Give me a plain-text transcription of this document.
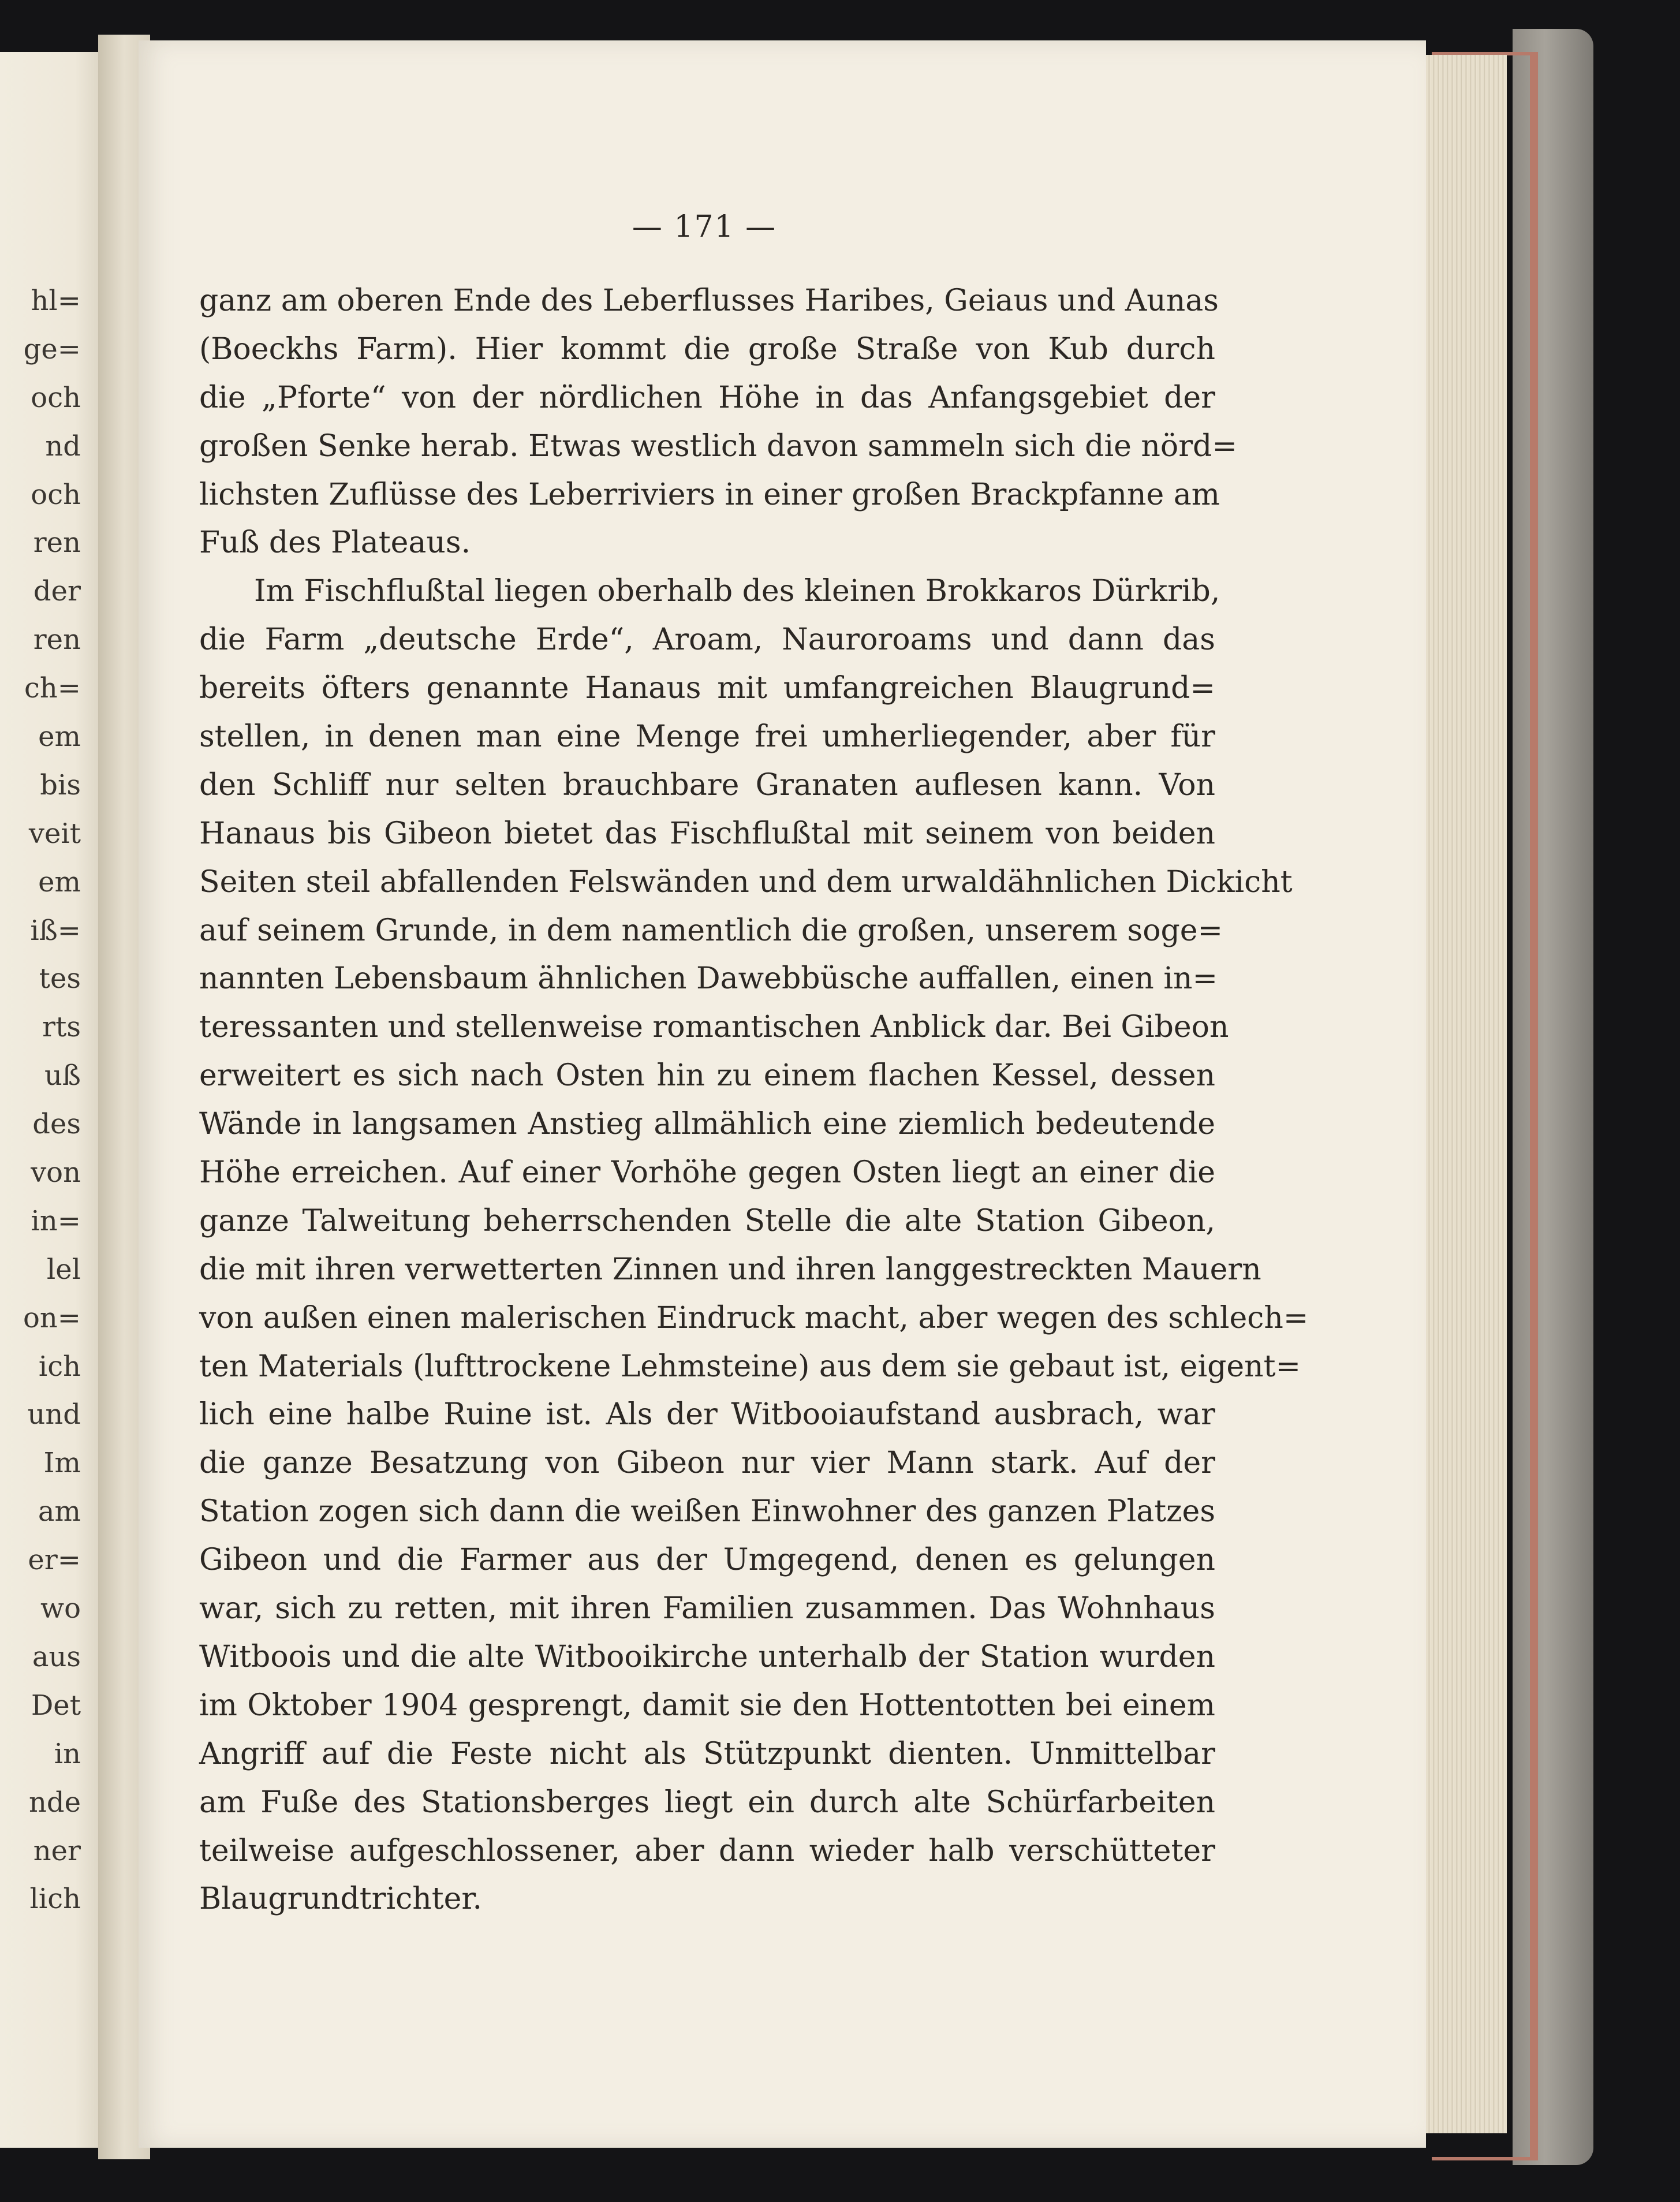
hl=
ge=
och
nd
och
ren
der
ren
ch=
em
bis
veit
em
iß=
tes
rts
uß
des
von
in=
lel
on=
ich
und
Im
am
er=
wo
aus
Det
in
nde
ner
lich
— 171 —
ganz am oberen Ende des Leberflusses Haribes, Geiaus und Aunas
(Boeckhs Farm). Hier kommt die große Straße von Kub durch
die „Pforte“ von der nördlichen Höhe in das Anfangsgebiet der
großen Senke herab. Etwas westlich davon sammeln sich die nörd=
lichsten Zuflüsse des Leberriviers in einer großen Brackpfanne am
Fuß des Plateaus.
Im Fischflußtal liegen oberhalb des kleinen Brokkaros Dürkrib,
die Farm „deutsche Erde“, Aroam, Nauroroams und dann das
bereits öfters genannte Hanaus mit umfangreichen Blaugrund=
stellen, in denen man eine Menge frei umherliegender, aber für
den Schliff nur selten brauchbare Granaten auflesen kann. Von
Hanaus bis Gibeon bietet das Fischflußtal mit seinem von beiden
Seiten steil abfallenden Felswänden und dem urwaldähnlichen Dickicht
auf seinem Grunde, in dem namentlich die großen, unserem soge=
nannten Lebensbaum ähnlichen Dawebbüsche auffallen, einen in=
teressanten und stellenweise romantischen Anblick dar. Bei Gibeon
erweitert es sich nach Osten hin zu einem flachen Kessel, dessen
Wände in langsamen Anstieg allmählich eine ziemlich bedeutende
Höhe erreichen. Auf einer Vorhöhe gegen Osten liegt an einer die
ganze Talweitung beherrschenden Stelle die alte Station Gibeon,
die mit ihren verwetterten Zinnen und ihren langgestreckten Mauern
von außen einen malerischen Eindruck macht, aber wegen des schlech=
ten Materials (lufttrockene Lehmsteine) aus dem sie gebaut ist, eigent=
lich eine halbe Ruine ist. Als der Witbooiaufstand ausbrach, war
die ganze Besatzung von Gibeon nur vier Mann stark. Auf der
Station zogen sich dann die weißen Einwohner des ganzen Platzes
Gibeon und die Farmer aus der Umgegend, denen es gelungen
war, sich zu retten, mit ihren Familien zusammen. Das Wohnhaus
Witboois und die alte Witbooikirche unterhalb der Station wurden
im Oktober 1904 gesprengt, damit sie den Hottentotten bei einem
Angriff auf die Feste nicht als Stützpunkt dienten. Unmittelbar
am Fuße des Stationsberges liegt ein durch alte Schürfarbeiten
teilweise aufgeschlossener, aber dann wieder halb verschütteter
Blaugrundtrichter.
